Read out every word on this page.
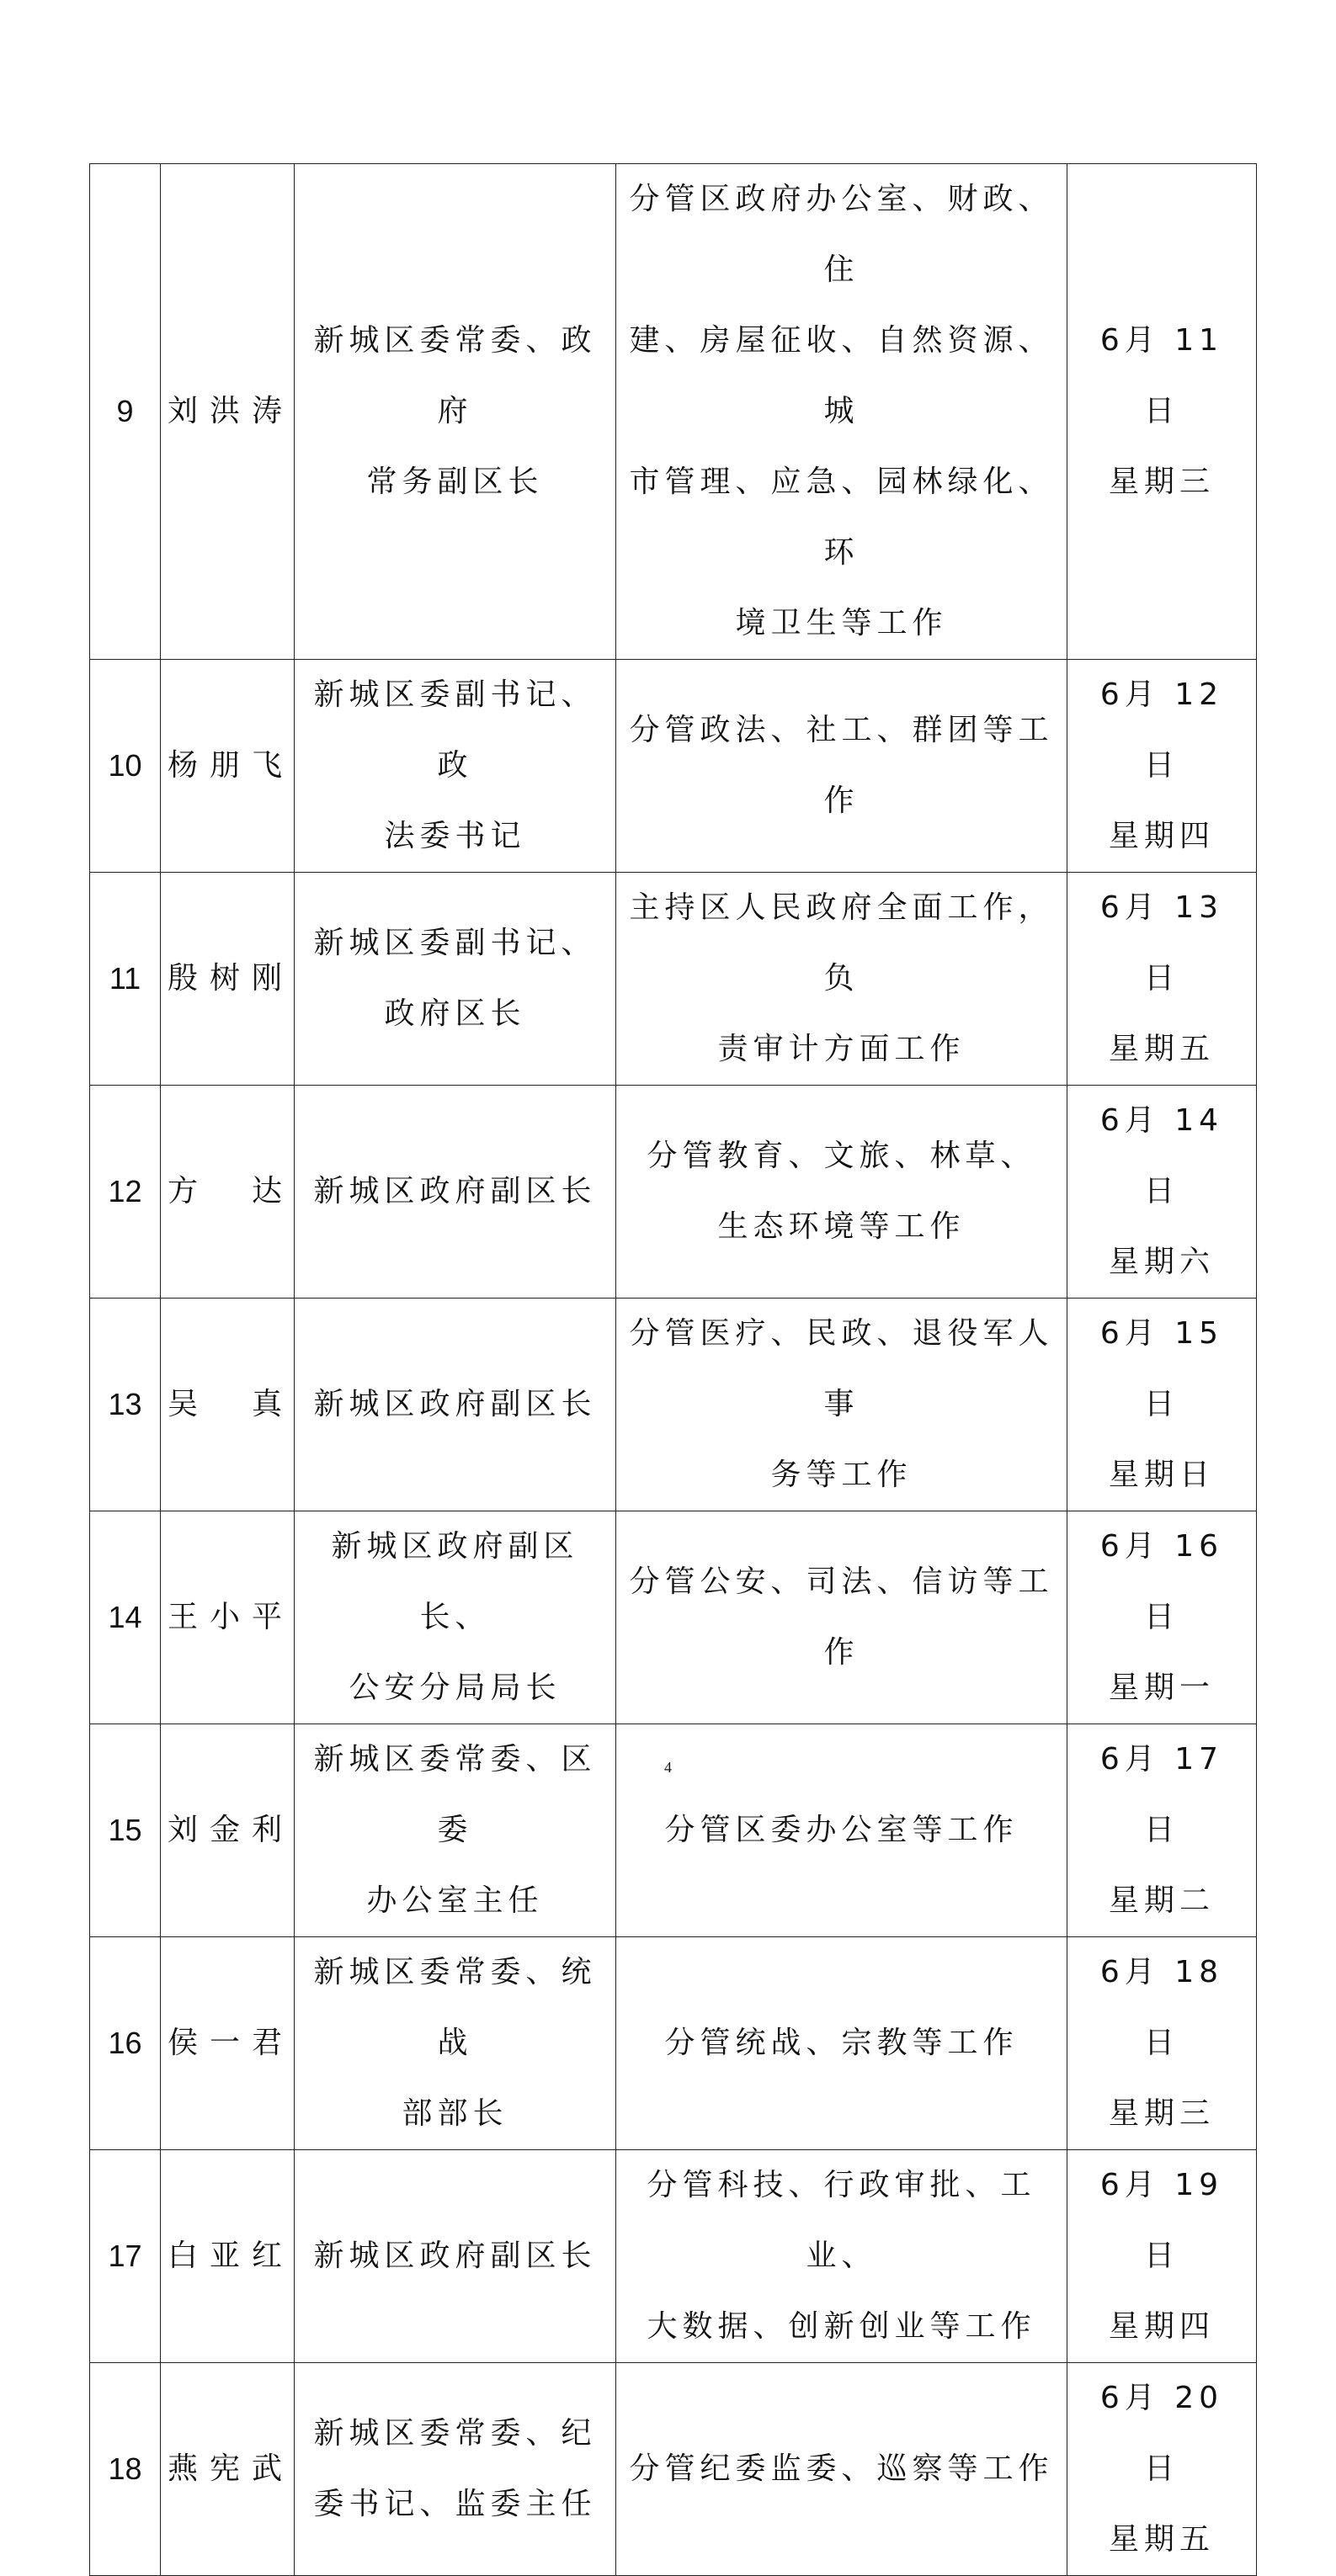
9	刘洪涛	新城区委常委、政府
常务副区长	分管区政府办公室、财政、住
建、房屋征收、自然资源、城
市管理、应急、园林绿化、环
境卫生等工作	6月 11 日
星期三

10	杨朋飞	新城区委副书记、政
法委书记	分管政法、社工、群团等工作	6月 12 日
星期四

11	殷树刚	新城区委副书记、
政府区长	主持区人民政府全面工作，负
责审计方面工作	6月 13 日
星期五

12	方　达	新城区政府副区长	分管教育、文旅、林草、
生态环境等工作	6月 14 日
星期六

13	吴　真	新城区政府副区长	分管医疗、民政、退役军人事
务等工作	6月 15 日
星期日

14	王小平	新城区政府副区长、
公安分局局长	分管公安、司法、信访等工作	6月 16 日
星期一

15	刘金利	新城区委常委、区委
办公室主任	分管区委办公室等工作	6月 17 日
星期二

16	侯一君	新城区委常委、统战
部部长	分管统战、宗教等工作	6月 18 日
星期三

17	白亚红	新城区政府副区长	分管科技、行政审批、工业、
大数据、创新创业等工作	6月 19 日
星期四

18	燕宪武	新城区委常委、纪
委书记、监委主任	分管纪委监委、巡察等工作	6月 20 日
星期五
4
